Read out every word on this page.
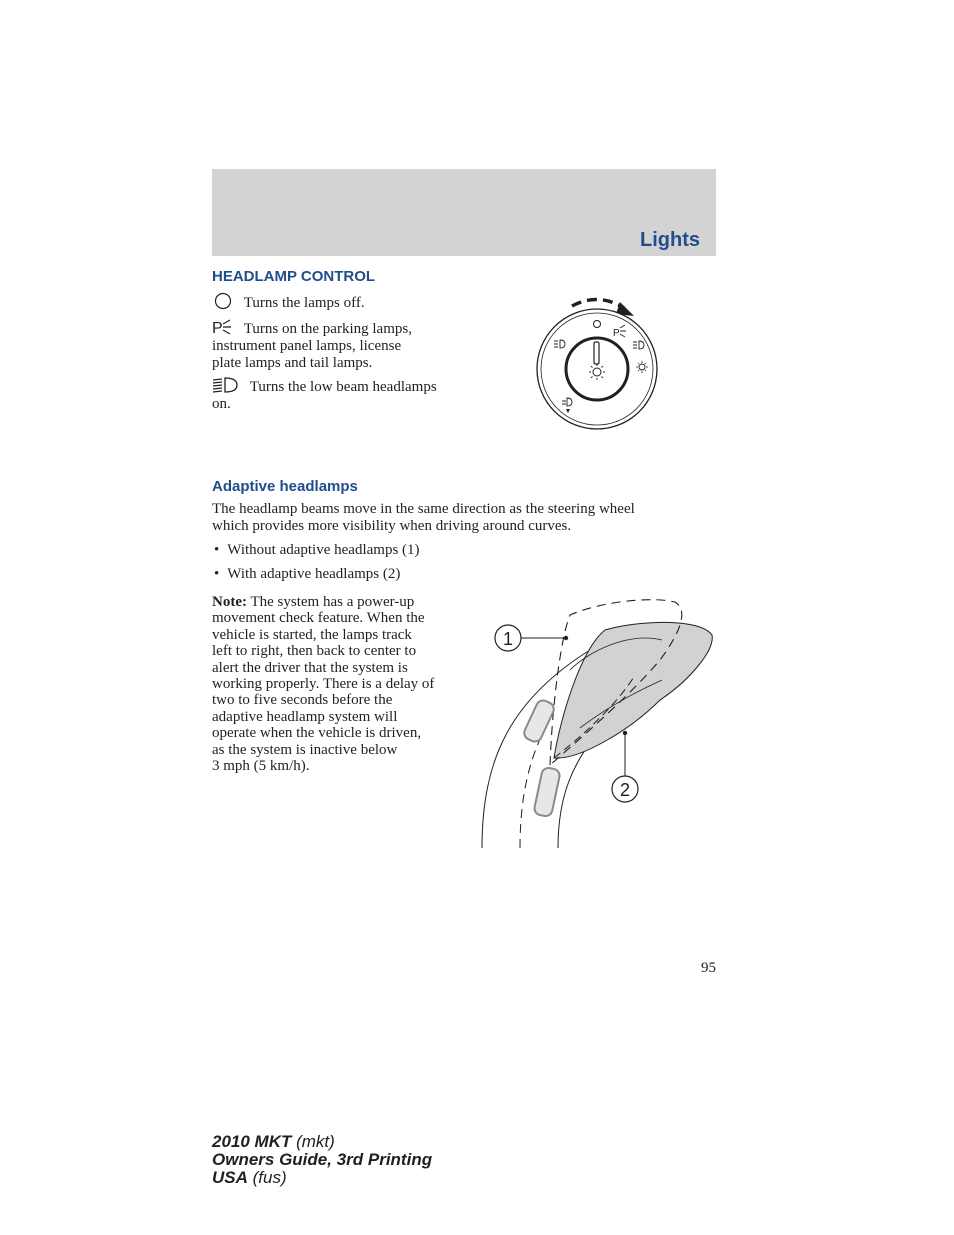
Lights
HEADLAMP CONTROL
Turns the lamps off.
P Turns on the parking lamps,
instrument panel lamps, license
plate lamps and tail lamps.
Turns the low beam headlamps
on.
P
Adaptive headlamps
The headlamp beams move in the same direction as the steering wheel
which provides more visibility when driving around curves.

• Without adaptive headlamps (1)

• With adaptive headlamps (2)

Note: The system has a power-up
movement check feature. When the
vehicle is started, the lamps track
left to right, then back to center to
alert the driver that the system is
working properly. There is a delay of
two to five seconds before the
adaptive headlamp system will
operate when the vehicle is driven,
as the system is inactive below
3 mph (5 km/h).
1
2
95
2010 MKT (mkt)
Owners Guide, 3rd Printing
USA (fus)
